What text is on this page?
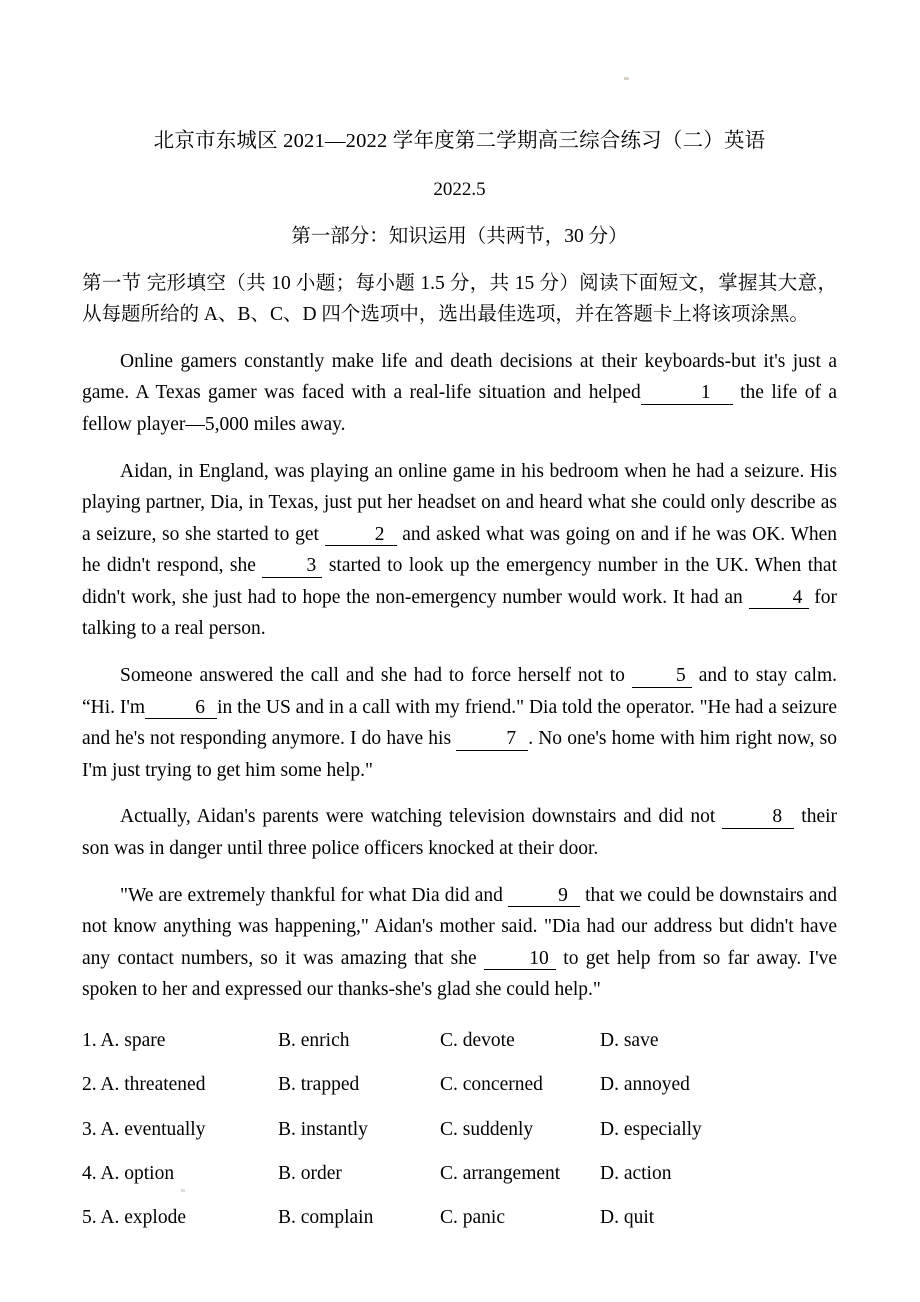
北京市东城区 2021—2022 学年度第二学期高三综合练习（二）英语
2022.5
第一部分：知识运用（共两节，30 分）
第一节 完形填空（共 10 小题；每小题 1.5 分，共 15 分）阅读下面短文，掌握其大意，从每题所给的 A、B、C、D 四个选项中，选出最佳选项，并在答题卡上将该项涂黑。

Online gamers constantly make life and death decisions at their keyboards-but it's just a game. A Texas gamer was faced with a real-life situation and helped	1 the life of a fellow player—5,000 miles away.

Aidan, in England, was playing an online game in his bedroom when he had a seizure. His playing partner, Dia, in Texas, just put her headset on and heard what she could only describe as a seizure, so she started to get	2 and asked what was going on and if he was OK. When he didn't respond, she	3 started to look up the emergency number in the UK. When that didn't work, she just had to hope the non-emergency number would work. It had an	4 for talking to a real person.

Someone answered the call and she had to force herself not to	5 and to stay calm. “Hi. I'm	6 in the US and in a call with my friend." Dia told the operator. "He had a seizure and he's not responding anymore. I do have his	7 . No one's home with him right now, so I'm just trying to get him some help."

Actually, Aidan's parents were watching television downstairs and did not	8 their son was in danger until three police officers knocked at their door.

"We are extremely thankful for what Dia did and	9 that we could be downstairs and not know anything was happening," Aidan's mother said. "Dia had our address but didn't have any contact numbers, so it was amazing that she	10 to get help from so far away. I've spoken to her and expressed our thanks-she's glad she could help."

1. A. spare	B. enrich	C. devote	D. save
2. A. threatened	B. trapped	C. concerned	D. annoyed
3. A. eventually	B. instantly	C. suddenly	D. especially
4. A. option	B. order	C. arrangement	D. action
5. A. explode	B. complain	C. panic	D. quit
